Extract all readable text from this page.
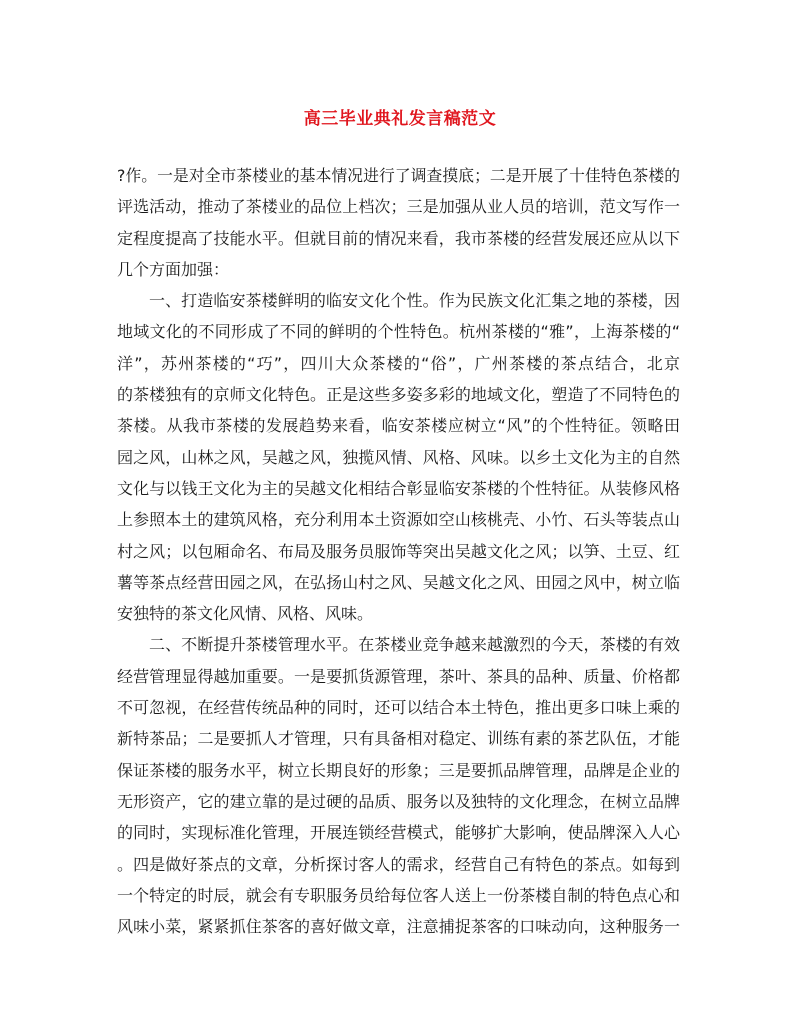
高三毕业典礼发言稿范文
?作。一是对全市茶楼业的基本情况进行了调查摸底；二是开展了十佳特色茶楼的
评选活动，推动了茶楼业的品位上档次；三是加强从业人员的培训，范文写作一
定程度提高了技能水平。但就目前的情况来看，我市茶楼的经营发展还应从以下
几个方面加强：
一、打造临安茶楼鲜明的临安文化个性。作为民族文化汇集之地的茶楼，因
地域文化的不同形成了不同的鲜明的个性特色。杭州茶楼的“雅”，上海茶楼的“
洋”，苏州茶楼的“巧”，四川大众茶楼的“俗”，广州茶楼的茶点结合，北京
的茶楼独有的京师文化特色。正是这些多姿多彩的地域文化，塑造了不同特色的
茶楼。从我市茶楼的发展趋势来看，临安茶楼应树立“风”的个性特征。领略田
园之风，山林之风，吴越之风，独揽风情、风格、风味。以乡土文化为主的自然
文化与以钱王文化为主的吴越文化相结合彰显临安茶楼的个性特征。从装修风格
上参照本土的建筑风格，充分利用本土资源如空山核桃壳、小竹、石头等装点山
村之风；以包厢命名、布局及服务员服饰等突出吴越文化之风；以笋、土豆、红
薯等茶点经营田园之风，在弘扬山村之风、吴越文化之风、田园之风中，树立临
安独特的茶文化风情、风格、风味。
二、不断提升茶楼管理水平。在茶楼业竞争越来越激烈的今天，茶楼的有效
经营管理显得越加重要。一是要抓货源管理，茶叶、茶具的品种、质量、价格都
不可忽视，在经营传统品种的同时，还可以结合本土特色，推出更多口味上乘的
新特茶品；二是要抓人才管理，只有具备相对稳定、训练有素的茶艺队伍，才能
保证茶楼的服务水平，树立长期良好的形象；三是要抓品牌管理，品牌是企业的
无形资产，它的建立靠的是过硬的品质、服务以及独特的文化理念，在树立品牌
的同时，实现标准化管理，开展连锁经营模式，能够扩大影响，使品牌深入人心
。四是做好茶点的文章，分析探讨客人的需求，经营自己有特色的茶点。如每到
一个特定的时辰，就会有专职服务员给每位客人送上一份茶楼自制的特色点心和
风味小菜，紧紧抓住茶客的喜好做文章，注意捕捉茶客的口味动向，这种服务一
